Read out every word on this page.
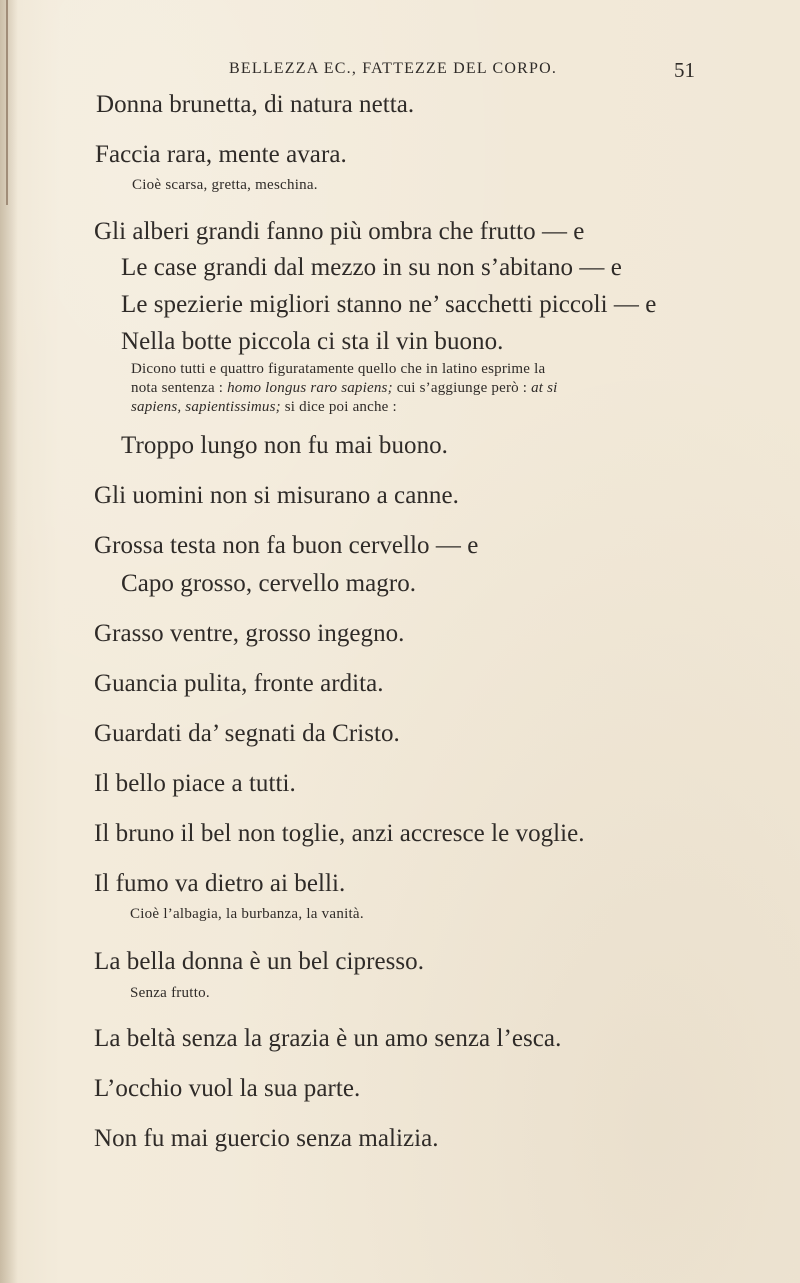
BELLEZZA EC., FATTEZZE DEL CORPO.	51
Donna brunetta, di natura netta.
Faccia rara, mente avara.
Cioè scarsa, gretta, meschina.
Gli alberi grandi fanno più ombra che frutto — e
Le case grandi dal mezzo in su non s’abitano — e
Le spezierie migliori stanno ne’ sacchetti piccoli — e
Nella botte piccola ci sta il vin buono.
Dicono tutti e quattro figuratamente quello che in latino esprime la
nota sentenza : homo longus raro sapiens; cui s’aggiunge però : at si
sapiens, sapientissimus; si dice poi anche :
Troppo lungo non fu mai buono.
Gli uomini non si misurano a canne.
Grossa testa non fa buon cervello — e
Capo grosso, cervello magro.
Grasso ventre, grosso ingegno.
Guancia pulita, fronte ardita.
Guardati da’ segnati da Cristo.
Il bello piace a tutti.
Il bruno il bel non toglie, anzi accresce le voglie.
Il fumo va dietro ai belli.
Cioè l’albagia, la burbanza, la vanità.
La bella donna è un bel cipresso.
Senza frutto.
La beltà senza la grazia è un amo senza l’esca.
L’occhio vuol la sua parte.
Non fu mai guercio senza malizia.
